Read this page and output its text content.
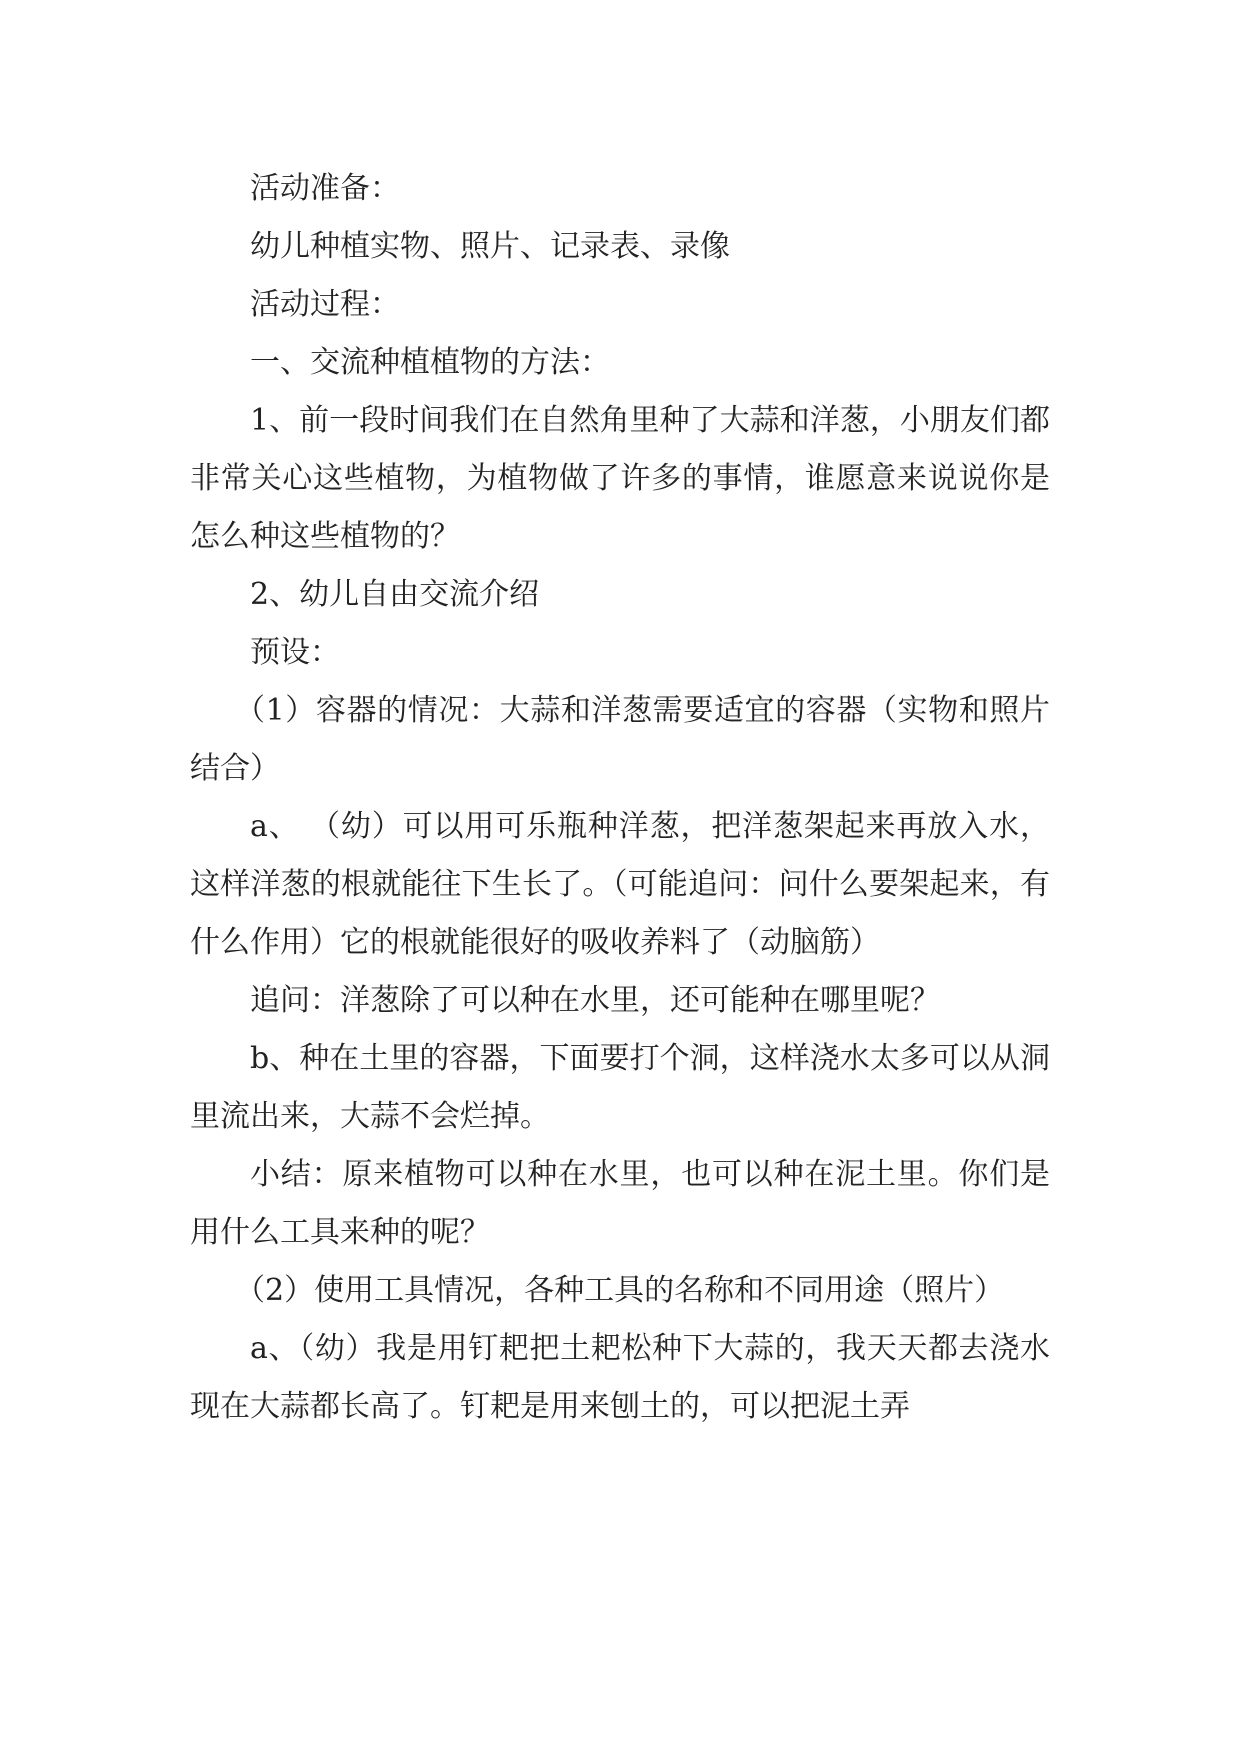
活动准备：

幼儿种植实物、照片、记录表、录像

活动过程：

一、交流种植植物的方法：

1、前一段时间我们在自然角里种了大蒜和洋葱，小朋友们都非常关心这些植物，为植物做了许多的事情，谁愿意来说说你是怎么种这些植物的？

2、幼儿自由交流介绍

预设：

（1）容器的情况：大蒜和洋葱需要适宜的容器（实物和照片结合）

a、 （幼）可以用可乐瓶种洋葱，把洋葱架起来再放入水，这样洋葱的根就能往下生长了。（可能追问：问什么要架起来，有什么作用）它的根就能很好的吸收养料了（动脑筋）

追问：洋葱除了可以种在水里，还可能种在哪里呢？

b、种在土里的容器，下面要打个洞，这样浇水太多可以从洞里流出来，大蒜不会烂掉。

小结：原来植物可以种在水里，也可以种在泥土里。你们是用什么工具来种的呢？

（2）使用工具情况，各种工具的名称和不同用途（照片）

a、（幼）我是用钉耙把土耙松种下大蒜的，我天天都去浇水现在大蒜都长高了。钉耙是用来刨土的，可以把泥土弄
